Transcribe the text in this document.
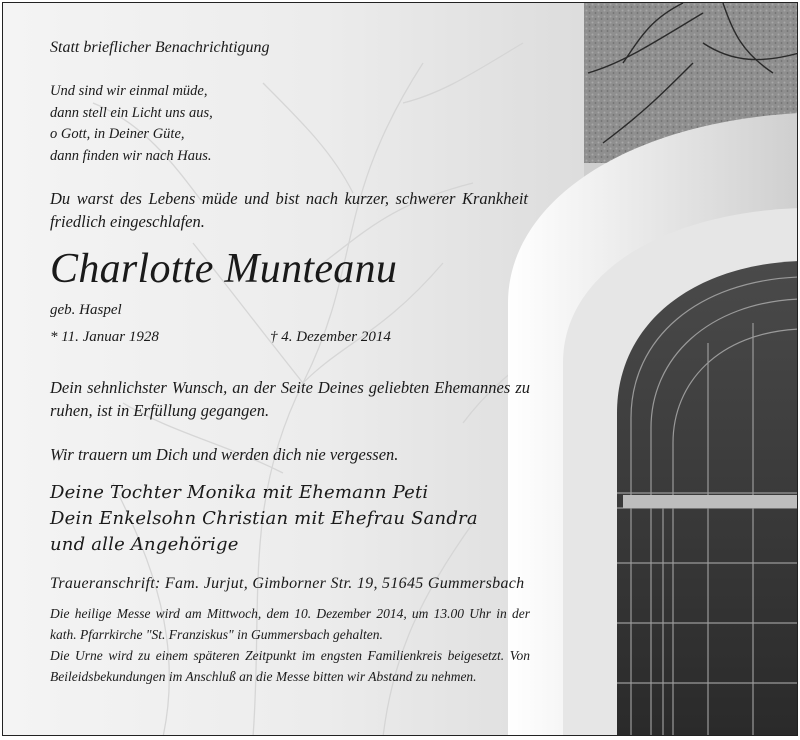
Statt brieflicher Benachrichtigung
Und sind wir einmal müde,
dann stell ein Licht uns aus,
o Gott, in Deiner Güte,
dann finden wir nach Haus.
Du warst des Lebens müde und bist nach kurzer, schwerer Krankheit friedlich eingeschlafen.
Charlotte Munteanu
geb. Haspel
* 11. Januar 1928	† 4. Dezember 2014
Dein sehnlichster Wunsch, an der Seite Deines geliebten Ehemannes zu ruhen, ist in Erfüllung gegangen.
Wir trauern um Dich und werden dich nie vergessen.
Deine Tochter Monika mit Ehemann Peti
Dein Enkelsohn Christian mit Ehefrau Sandra
und alle Angehörige
Traueranschrift: Fam. Jurjut, Gimborner Str. 19, 51645 Gummersbach

Die heilige Messe wird am Mittwoch, dem 10. Dezember 2014, um 13.00 Uhr in der kath. Pfarrkirche "St. Franziskus" in Gummersbach gehalten.

Die Urne wird zu einem späteren Zeitpunkt im engsten Familienkreis beigesetzt. Von Beileidsbekundungen im Anschluß an die Messe bitten wir Abstand zu nehmen.
